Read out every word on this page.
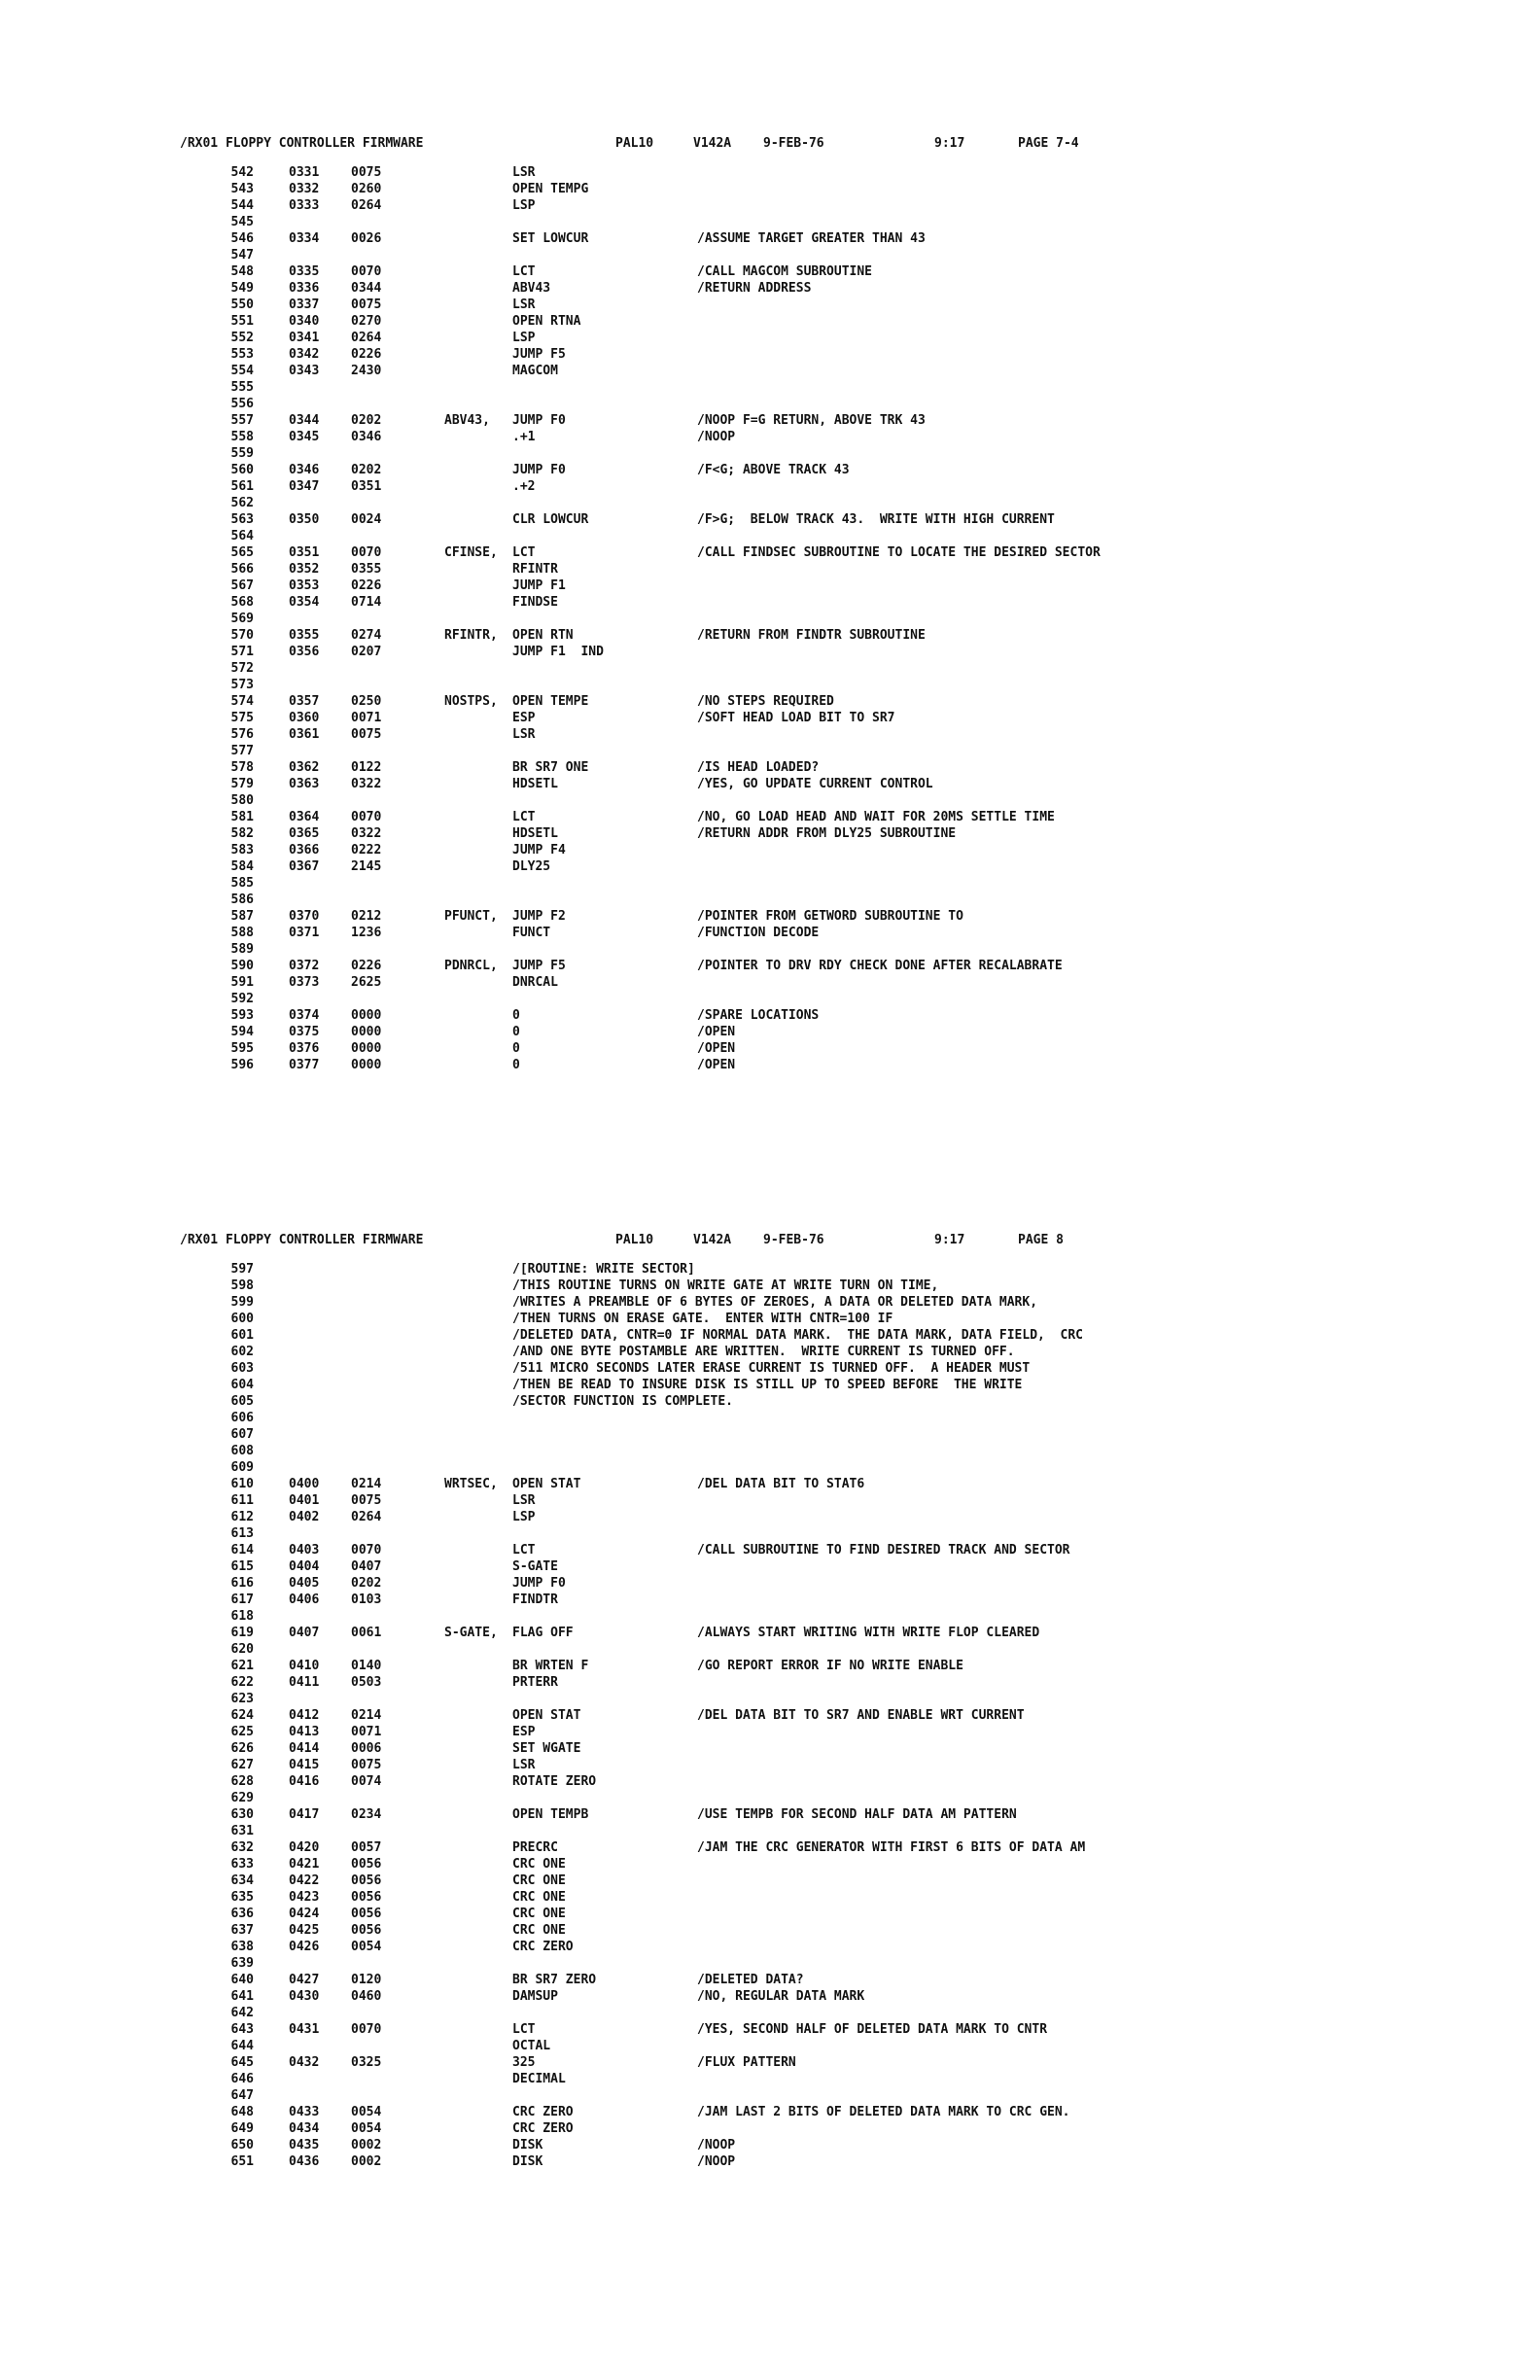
/RX01 FLOPPY CONTROLLER FIRMWARE

	PAL10

	V142A

	9-FEB-76

	9:17

	PAGE 7-4

542	0331	0075	LSR
543	0332	0260	OPEN TEMPG
544	0333	0264	LSP
545
546	0334	0026	SET LOWCUR	/ASSUME TARGET GREATER THAN 43
547
548	0335	0070	LCT	/CALL MAGCOM SUBROUTINE
549	0336	0344	ABV43	/RETURN ADDRESS
550	0337	0075	LSR
551	0340	0270	OPEN RTNA
552	0341	0264	LSP
553	0342	0226	JUMP F5
554	0343	2430	MAGCOM
555
556
557	0344	0202	ABV43, JUMP F0	/NOOP F=G RETURN, ABOVE TRK 43
558	0345	0346	.+1	/NOOP
559
560	0346	0202	JUMP F0	/F<G; ABOVE TRACK 43
561	0347	0351	.+2
562
563	0350	0024	CLR LOWCUR	/F>G;  BELOW TRACK 43.  WRITE WITH HIGH CURRENT
564
565	0351	0070	CFINSE, LCT	/CALL FINDSEC SUBROUTINE TO LOCATE THE DESIRED SECTOR
566	0352	0355	RFINTR
567	0353	0226	JUMP F1
568	0354	0714	FINDSE
569
570	0355	0274	RFINTR, OPEN RTN	/RETURN FROM FINDTR SUBROUTINE
571	0356	0207	JUMP F1  IND
572
573
574	0357	0250	NOSTPS, OPEN TEMPE	/NO STEPS REQUIRED
575	0360	0071	ESP	/SOFT HEAD LOAD BIT TO SR7
576	0361	0075	LSR
577
578	0362	0122	BR SR7 ONE	/IS HEAD LOADED?
579	0363	0322	HDSETL	/YES, GO UPDATE CURRENT CONTROL
580
581	0364	0070	LCT	/NO, GO LOAD HEAD AND WAIT FOR 20MS SETTLE TIME
582	0365	0322	HDSETL	/RETURN ADDR FROM DLY25 SUBROUTINE
583	0366	0222	JUMP F4
584	0367	2145	DLY25
585
586
587	0370	0212	PFUNCT, JUMP F2	/POINTER FROM GETWORD SUBROUTINE TO
588	0371	1236	FUNCT	/FUNCTION DECODE
589
590	0372	0226	PDNRCL, JUMP F5	/POINTER TO DRV RDY CHECK DONE AFTER RECALABRATE
591	0373	2625	DNRCAL
592
593	0374	0000	0	/SPARE LOCATIONS
594	0375	0000	0	/OPEN
595	0376	0000	0	/OPEN
596	0377	0000	0	/OPEN

/RX01 FLOPPY CONTROLLER FIRMWARE

	PAL10

	V142A

	9-FEB-76

	9:17

	PAGE 8

597	/[ROUTINE: WRITE SECTOR]
598	/THIS ROUTINE TURNS ON WRITE GATE AT WRITE TURN ON TIME,
599	/WRITES A PREAMBLE OF 6 BYTES OF ZEROES, A DATA OR DELETED DATA MARK,
600	/THEN TURNS ON ERASE GATE.  ENTER WITH CNTR=100 IF
601	/DELETED DATA, CNTR=0 IF NORMAL DATA MARK.  THE DATA MARK, DATA FIELD,  CRC
602	/AND ONE BYTE POSTAMBLE ARE WRITTEN.  WRITE CURRENT IS TURNED OFF.
603	/511 MICRO SECONDS LATER ERASE CURRENT IS TURNED OFF.  A HEADER MUST
604	/THEN BE READ TO INSURE DISK IS STILL UP TO SPEED BEFORE  THE WRITE
605	/SECTOR FUNCTION IS COMPLETE.
606
607
608
609
610	0400	0214	WRTSEC, OPEN STAT	/DEL DATA BIT TO STAT6
611	0401	0075	LSR
612	0402	0264	LSP
613
614	0403	0070	LCT	/CALL SUBROUTINE TO FIND DESIRED TRACK AND SECTOR
615	0404	0407	S-GATE
616	0405	0202	JUMP F0
617	0406	0103	FINDTR
618
619	0407	0061	S-GATE, FLAG OFF	/ALWAYS START WRITING WITH WRITE FLOP CLEARED
620
621	0410	0140	BR WRTEN F	/GO REPORT ERROR IF NO WRITE ENABLE
622	0411	0503	PRTERR
623
624	0412	0214	OPEN STAT	/DEL DATA BIT TO SR7 AND ENABLE WRT CURRENT
625	0413	0071	ESP
626	0414	0006	SET WGATE
627	0415	0075	LSR
628	0416	0074	ROTATE ZERO
629
630	0417	0234	OPEN TEMPB	/USE TEMPB FOR SECOND HALF DATA AM PATTERN
631
632	0420	0057	PRECRC	/JAM THE CRC GENERATOR WITH FIRST 6 BITS OF DATA AM
633	0421	0056	CRC ONE
634	0422	0056	CRC ONE
635	0423	0056	CRC ONE
636	0424	0056	CRC ONE
637	0425	0056	CRC ONE
638	0426	0054	CRC ZERO
639
640	0427	0120	BR SR7 ZERO	/DELETED DATA?
641	0430	0460	DAMSUP	/NO, REGULAR DATA MARK
642
643	0431	0070	LCT	/YES, SECOND HALF OF DELETED DATA MARK TO CNTR
644	OCTAL
645	0432	0325	325	/FLUX PATTERN
646	DECIMAL
647
648	0433	0054	CRC ZERO	/JAM LAST 2 BITS OF DELETED DATA MARK TO CRC GEN.
649	0434	0054	CRC ZERO
650	0435	0002	DISK	/NOOP
651	0436	0002	DISK	/NOOP
